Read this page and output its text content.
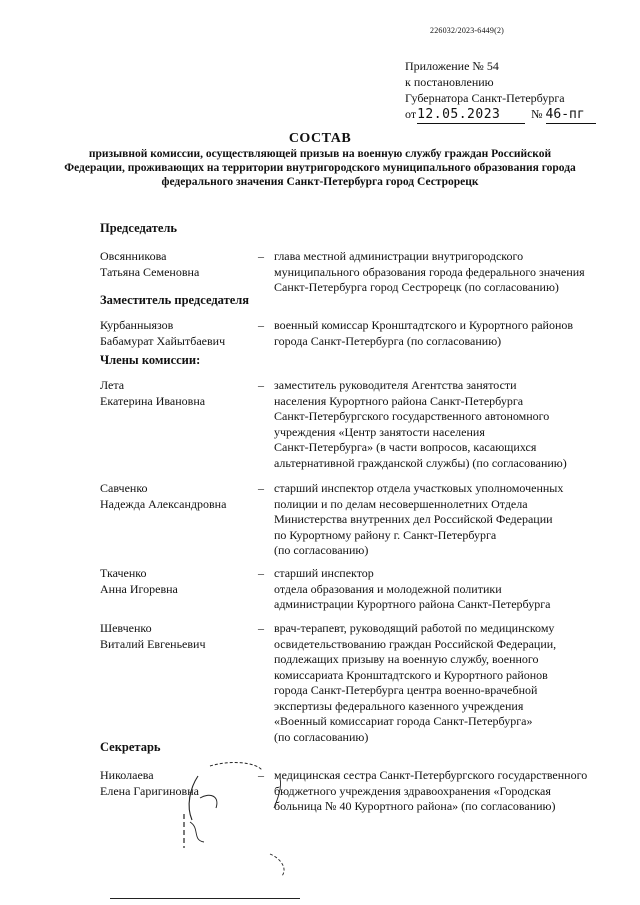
226032/2023-6449(2)
Приложение № 54
к постановлению
Губернатора Санкт-Петербурга
от 12.05.2023	№ 46-пг
СОСТАВ
призывной комиссии, осуществляющей призыв на военную службу граждан Российской Федерации, проживающих на территории внутригородского муниципального образования города федерального значения Санкт-Петербурга город Сестрорецк
Председатель
Овсянникова
Татьяна Семеновна
– глава местной администрации внутригородского
муниципального образования города федерального значения
Санкт-Петербурга город Сестрорецк (по согласованию)
Заместитель председателя
Курбанныязов
Бабамурат Хайытбаевич
– военный комиссар Кронштадтского и Курортного районов
города Санкт-Петербурга (по согласованию)
Члены комиссии:
Лета
Екатерина Ивановна
– заместитель руководителя Агентства занятости
населения Курортного района Санкт-Петербурга
Санкт-Петербургского государственного автономного
учреждения «Центр занятости населения
Санкт-Петербурга» (в части вопросов, касающихся
альтернативной гражданской службы) (по согласованию)
Савченко
Надежда Александровна
– старший инспектор отдела участковых уполномоченных
полиции и по делам несовершеннолетних Отдела
Министерства внутренних дел Российской Федерации
по Курортному району г. Санкт-Петербурга
(по согласованию)
Ткаченко
Анна Игоревна
– старший инспектор
отдела образования и молодежной политики
администрации Курортного района Санкт-Петербурга
Шевченко
Виталий Евгеньевич
– врач-терапевт, руководящий работой по медицинскому
освидетельствованию граждан Российской Федерации,
подлежащих призыву на военную службу, военного
комиссариата Кронштадтского и Курортного районов
города Санкт-Петербурга центра военно-врачебной
экспертизы федерального казенного учреждения
«Военный комиссариат города Санкт-Петербурга»
(по согласованию)
Секретарь
Николаева
Елена Гаригиновна
– медицинская сестра Санкт-Петербургского государственного
бюджетного учреждения здравоохранения «Городская
больница № 40 Курортного района» (по согласованию)
